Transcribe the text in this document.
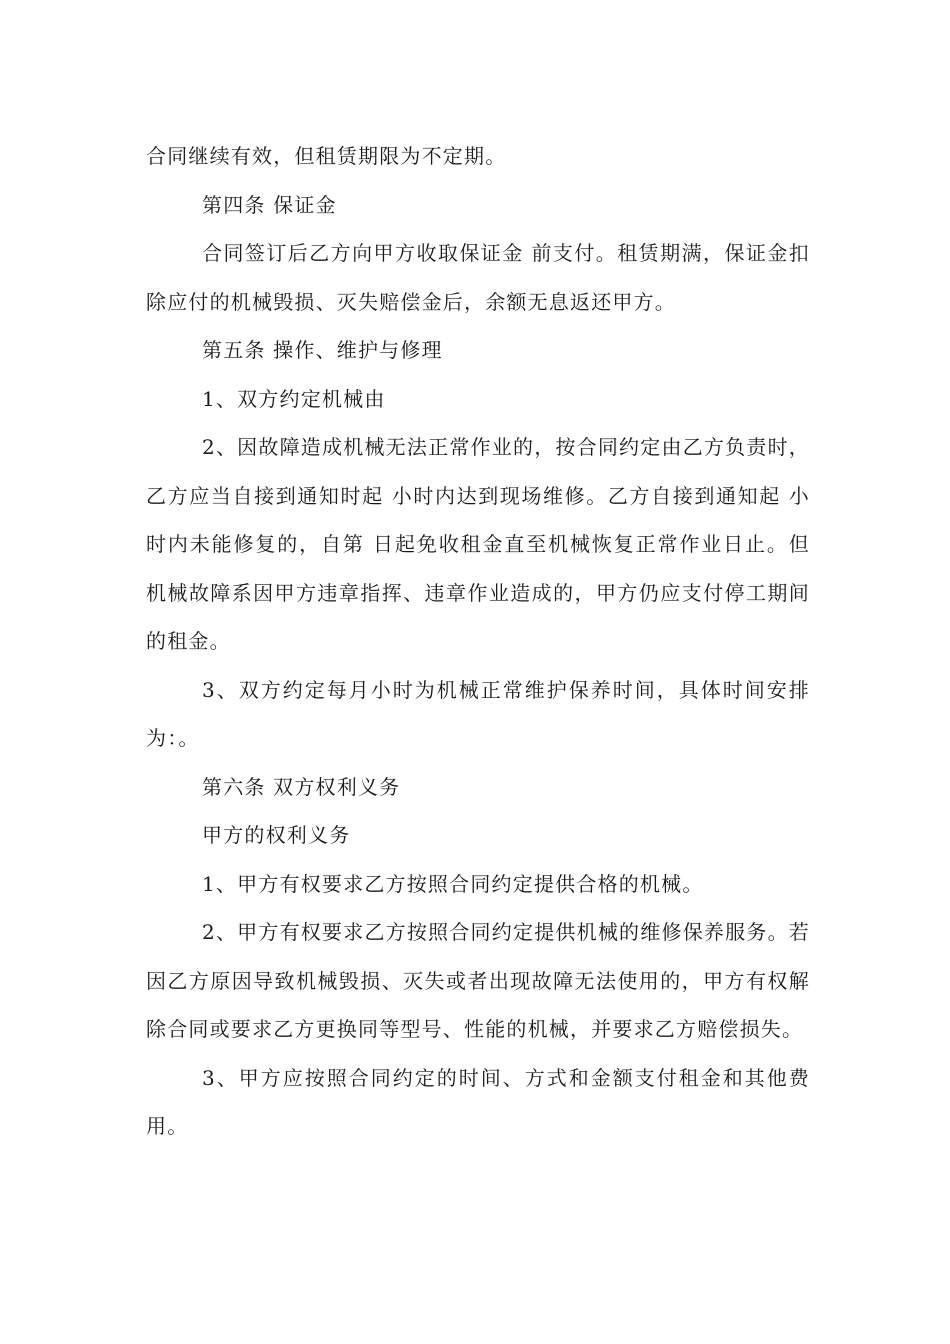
合同继续有效，但租赁期限为不定期。

第四条 保证金

合同签订后乙方向甲方收取保证金 前支付。租赁期满，保证金扣除应付的机械毁损、灭失赔偿金后，余额无息返还甲方。

第五条 操作、维护与修理

1、双方约定机械由

2、因故障造成机械无法正常作业的，按合同约定由乙方负责时，乙方应当自接到通知时起 小时内达到现场维修。乙方自接到通知起 小时内未能修复的，自第 日起免收租金直至机械恢复正常作业日止。但机械故障系因甲方违章指挥、违章作业造成的，甲方仍应支付停工期间的租金。

3、双方约定每月小时为机械正常维护保养时间，具体时间安排为：。

第六条 双方权利义务

甲方的权利义务

1、甲方有权要求乙方按照合同约定提供合格的机械。

2、甲方有权要求乙方按照合同约定提供机械的维修保养服务。若因乙方原因导致机械毁损、灭失或者出现故障无法使用的，甲方有权解除合同或要求乙方更换同等型号、性能的机械，并要求乙方赔偿损失。

3、甲方应按照合同约定的时间、方式和金额支付租金和其他费用。
